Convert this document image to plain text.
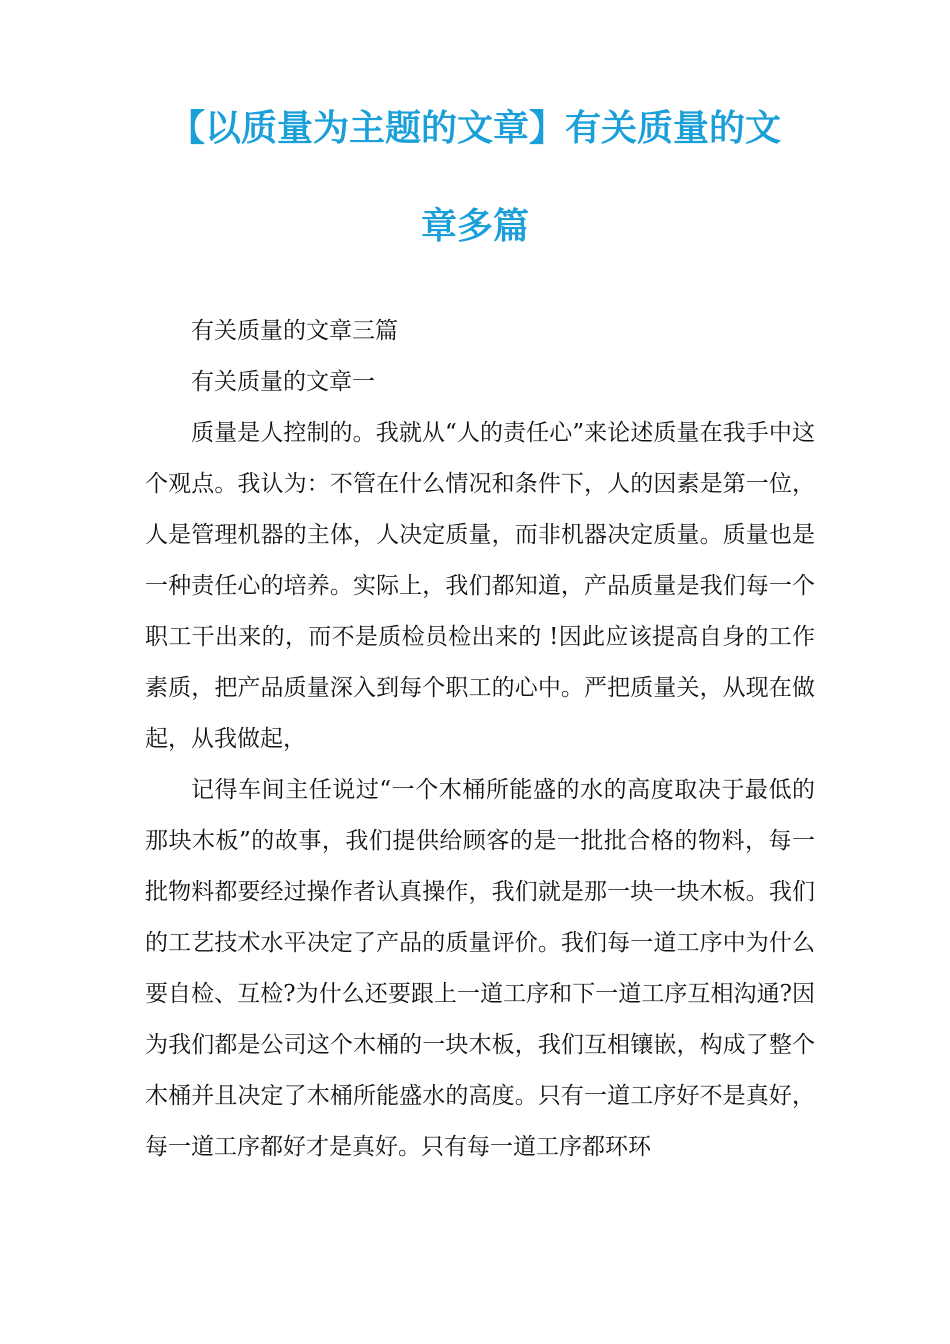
【以质量为主题的文章】有关质量的文
章多篇

有关质量的文章三篇

有关质量的文章一

质量是人控制的。我就从“人的责任心”来论述质量在我手中这个观点。我认为：不管在什么情况和条件下，人的因素是第一位，人是管理机器的主体，人决定质量，而非机器决定质量。质量也是一种责任心的培养。实际上，我们都知道，产品质量是我们每一个职工干出来的，而不是质检员检出来的 !因此应该提高自身的工作素质，把产品质量深入到每个职工的心中。严把质量关，从现在做起，从我做起，

记得车间主任说过“一个木桶所能盛的水的高度取决于最低的那块木板”的故事，我们提供给顾客的是一批批合格的物料，每一批物料都要经过操作者认真操作，我们就是那一块一块木板。我们的工艺技术水平决定了产品的质量评价。我们每一道工序中为什么要自检、互检?为什么还要跟上一道工序和下一道工序互相沟通?因为我们都是公司这个木桶的一块木板，我们互相镶嵌，构成了整个木桶并且决定了木桶所能盛水的高度。只有一道工序好不是真好，每一道工序都好才是真好。只有每一道工序都环环
